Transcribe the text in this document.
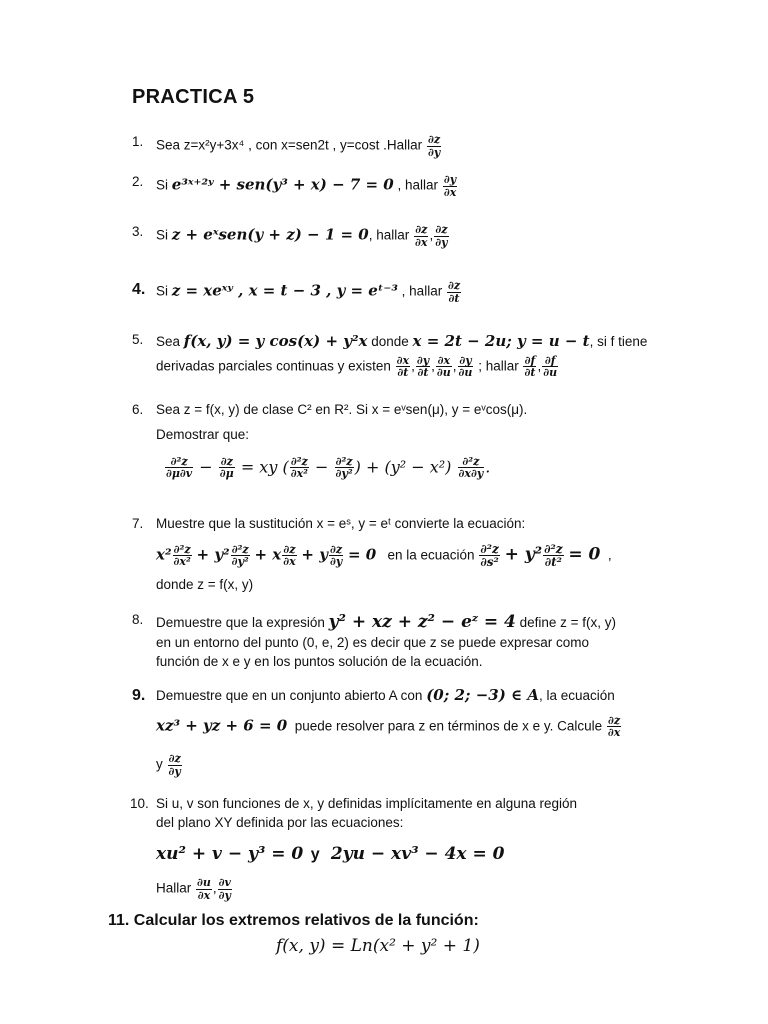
PRACTICA 5
1. Sea z=x²y+3x⁴ , con x=sen2t , y=cost .Hallar $\frac{\partial z}{\partial y}$
2. Si e³ˣ⁺²ʸ + sen(y³ + x) − 7 = 0 , hallar $\frac{\partial y}{\partial x}$
3. Si z + eˣsen(y + z) − 1 = 0, hallar $\frac{\partial z}{\partial x}$ , $\frac{\partial z}{\partial y}$
4. Si z = xeˣʸ , x = t − 3 , y = eᵗ⁻³ , hallar $\frac{\partial z}{\partial t}$
5. Sea f(x, y) = y cos(x) + y²x donde x = 2t − 2u; y = u − t, si f tiene
derivadas parciales continuas y existen $\frac{\partial x}{\partial t}$ , $\frac{\partial y}{\partial t}$ , $\frac{\partial x}{\partial u}$ , $\frac{\partial y}{\partial u}$ ; hallar $\frac{\partial f}{\partial t}$ , $\frac{\partial f}{\partial u}$
6. Sea z = f(x, y) de clase C² en R². Si x = eᵛsen(μ), y = eᵛcos(μ).
Demostrar que:
$\frac{\text{∂²z}}{\partial\mu\partial v} - \frac{\partial z}{\partial\mu}$ = xy ( $\frac{\text{∂²z}}{\text{∂x²}} - \frac{\text{∂²z}}{\text{∂y²}}$ ) + $(y^2 - x^2) \frac{\text{∂²z}}{\partial x\partial y}$ .
7. Muestre que la sustitución x = eˢ, y = eᵗ convierte la ecuación:
$x^2 \frac{\text{∂²z}}{\text{∂x²}} + y^2 \frac{\text{∂²z}}{\text{∂y²}} + x \frac{\partial z}{\partial x} + y \frac{\partial z}{\partial y} = 0$ en la ecuación $\frac{\text{∂²z}}{\text{∂s²}} + y^2 \frac{\text{∂²z}}{\text{∂t²}} = 0$ ,
donde z = f(x, y)
8. Demuestre que la expresión y² + xz + z² − eᶻ = 4 define z = f(x, y)
en un entorno del punto (0, e, 2) es decir que z se puede expresar como
función de x e y en los puntos solución de la ecuación.
9. Demuestre que en un conjunto abierto A con (0; 2; −3) ∈ A, la ecuación
xz³ + yz + 6 = 0 puede resolver para z en términos de x e y. Calcule $\frac{\partial z}{\partial x}$
y $\frac{\partial z}{\partial y}$
10. Si u, v son funciones de x, y definidas implícitamente en alguna región
del plano XY definida por las ecuaciones:
xu² + v − y³ = 0 y 2yu − xv³ − 4x = 0
Hallar $\frac{\partial u}{\partial x}$ , $\frac{\partial v}{\partial y}$
11. Calcular los extremos relativos de la función:
f(x, y) = Ln(x² + y² + 1)
